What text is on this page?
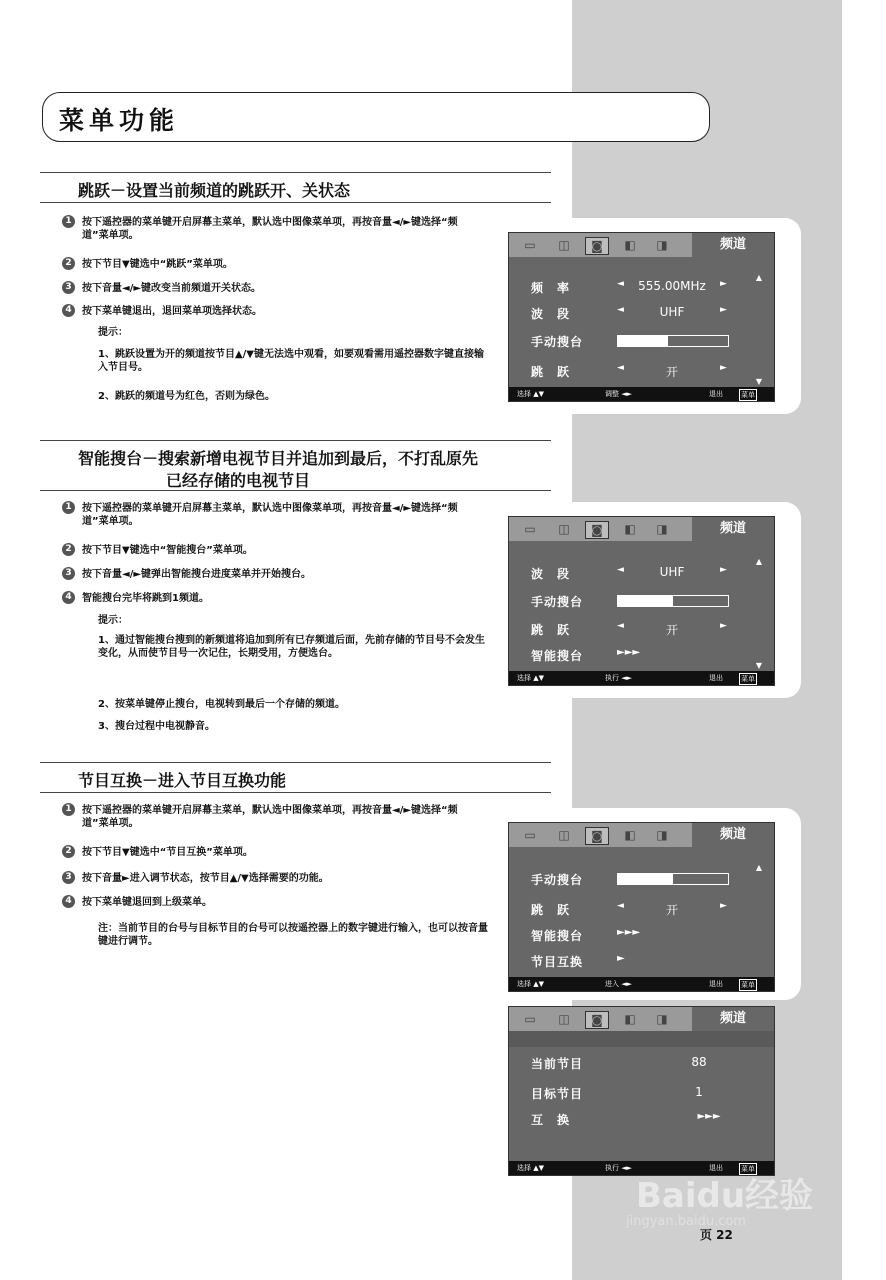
菜单功能
跳跃－设置当前频道的跳跃开、关状态
1	按下遥控器的菜单键开启屏幕主菜单，默认选中图像菜单项，再按音量◄/►键选择“频道”菜单项。
2	按下节目▼键选中“跳跃”菜单项。
3	按下音量◄/►键改变当前频道开关状态。
4	按下菜单键退出，退回菜单项选择状态。
提示：
1、跳跃设置为开的频道按节目▲/▼键无法选中观看，如要观看需用遥控器数字键直接输入节目号。
2、跳跃的频道号为红色，否则为绿色。
智能搜台－搜索新增电视节目并追加到最后，不打乱原先
已经存储的电视节目
1	按下遥控器的菜单键开启屏幕主菜单，默认选中图像菜单项，再按音量◄/►键选择“频道”菜单项。
2	按下节目▼键选中“智能搜台”菜单项。
3	按下音量◄/►键弹出智能搜台进度菜单并开始搜台。
4	智能搜台完毕将跳到1频道。
提示：
1、通过智能搜台搜到的新频道将追加到所有已存频道后面，先前存储的节目号不会发生变化，从而使节目号一次记住，长期受用，方便选台。
2、按菜单键停止搜台，电视转到最后一个存储的频道。
3、搜台过程中电视静音。
节目互换－进入节目互换功能
1	按下遥控器的菜单键开启屏幕主菜单，默认选中图像菜单项，再按音量◄/►键选择“频道”菜单项。
2	按下节目▼键选中“节目互换”菜单项。
3	按下音量►进入调节状态，按节目▲/▼选择需要的功能。
4	按下菜单键退回到上级菜单。
注：当前节目的台号与目标节目的台号可以按遥控器上的数字键进行输入，也可以按音量键进行调节。
▭	◫	◙	◧	◨	频道
▲
频　率	◄	555.00MHz	►
波　段	◄	UHF	►
手动搜台
跳　跃	◄	开	►
▼
选择 ▲▼	调整 ◄►	退出	菜单
▭	◫	◙	◧	◨	频道
▲
波　段	◄	UHF	►
手动搜台
跳　跃	◄	开	►
智能搜台	►►►
▼
选择 ▲▼	执行 ◄►	退出	菜单
▭	◫	◙	◧	◨	频道
▲
手动搜台
跳　跃	◄	开	►
智能搜台	►►►
节目互换	►
选择 ▲▼	进入 ◄►	退出	菜单
▭	◫	◙	◧	◨	频道
当前节目	88
目标节目	1
互　换	►►►
选择 ▲▼	执行 ◄►	退出	菜单
Baidu经验
jingyan.baidu.com
页 22
